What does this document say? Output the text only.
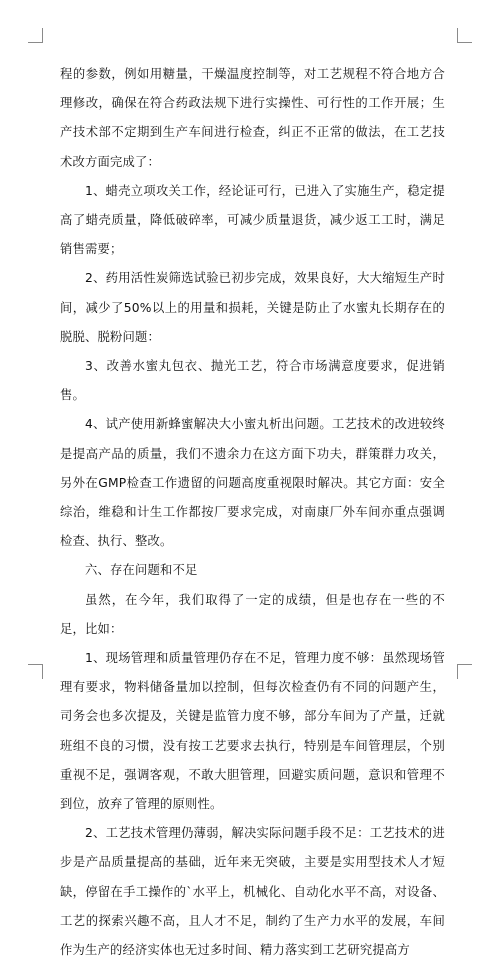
程的参数，例如用糖量，干燥温度控制等，对工艺规程不符合地方合理修改，确保在符合药政法规下进行实操性、可行性的工作开展；生产技术部不定期到生产车间进行检查，纠正不正常的做法，在工艺技术改方面完成了：

1、蜡壳立项攻关工作，经论证可行，已进入了实施生产，稳定提高了蜡壳质量，降低破碎率，可减少质量退货，减少返工工时，满足销售需要；

2、药用活性炭筛选试验已初步完成，效果良好，大大缩短生产时间，减少了50%以上的用量和损耗，关键是防止了水蜜丸长期存在的脱脱、脱粉问题：

3、改善水蜜丸包衣、抛光工艺，符合市场满意度要求，促进销售。

4、试产使用新蜂蜜解决大小蜜丸析出问题。工艺技术的改进较终是提高产品的质量，我们不遗余力在这方面下功夫，群策群力攻关，另外在GMP检查工作遗留的问题高度重视限时解决。其它方面：安全综治，维稳和计生工作都按厂要求完成，对南康厂外车间亦重点强调检查、执行、整改。

六、存在问题和不足

虽然，在今年，我们取得了一定的成绩，但是也存在一些的不足，比如：

1、现场管理和质量管理仍存在不足，管理力度不够：虽然现场管理有要求，物料储备量加以控制，但每次检查仍有不同的问题产生，司务会也多次提及，关键是监管力度不够，部分车间为了产量，迁就班组不良的习惯，没有按工艺要求去执行，特别是车间管理层，个别重视不足，强调客观，不敢大胆管理，回避实质问题，意识和管理不到位，放弃了管理的原则性。

2、工艺技术管理仍薄弱，解决实际问题手段不足：工艺技术的进步是产品质量提高的基础，近年来无突破，主要是实用型技术人才短缺，停留在手工操作的`水平上，机械化、自动化水平不高，对设备、工艺的探索兴趣不高，且人才不足，制约了生产力水平的发展，车间作为生产的经济实体也无过多时间、精力落实到工艺研究提高方
